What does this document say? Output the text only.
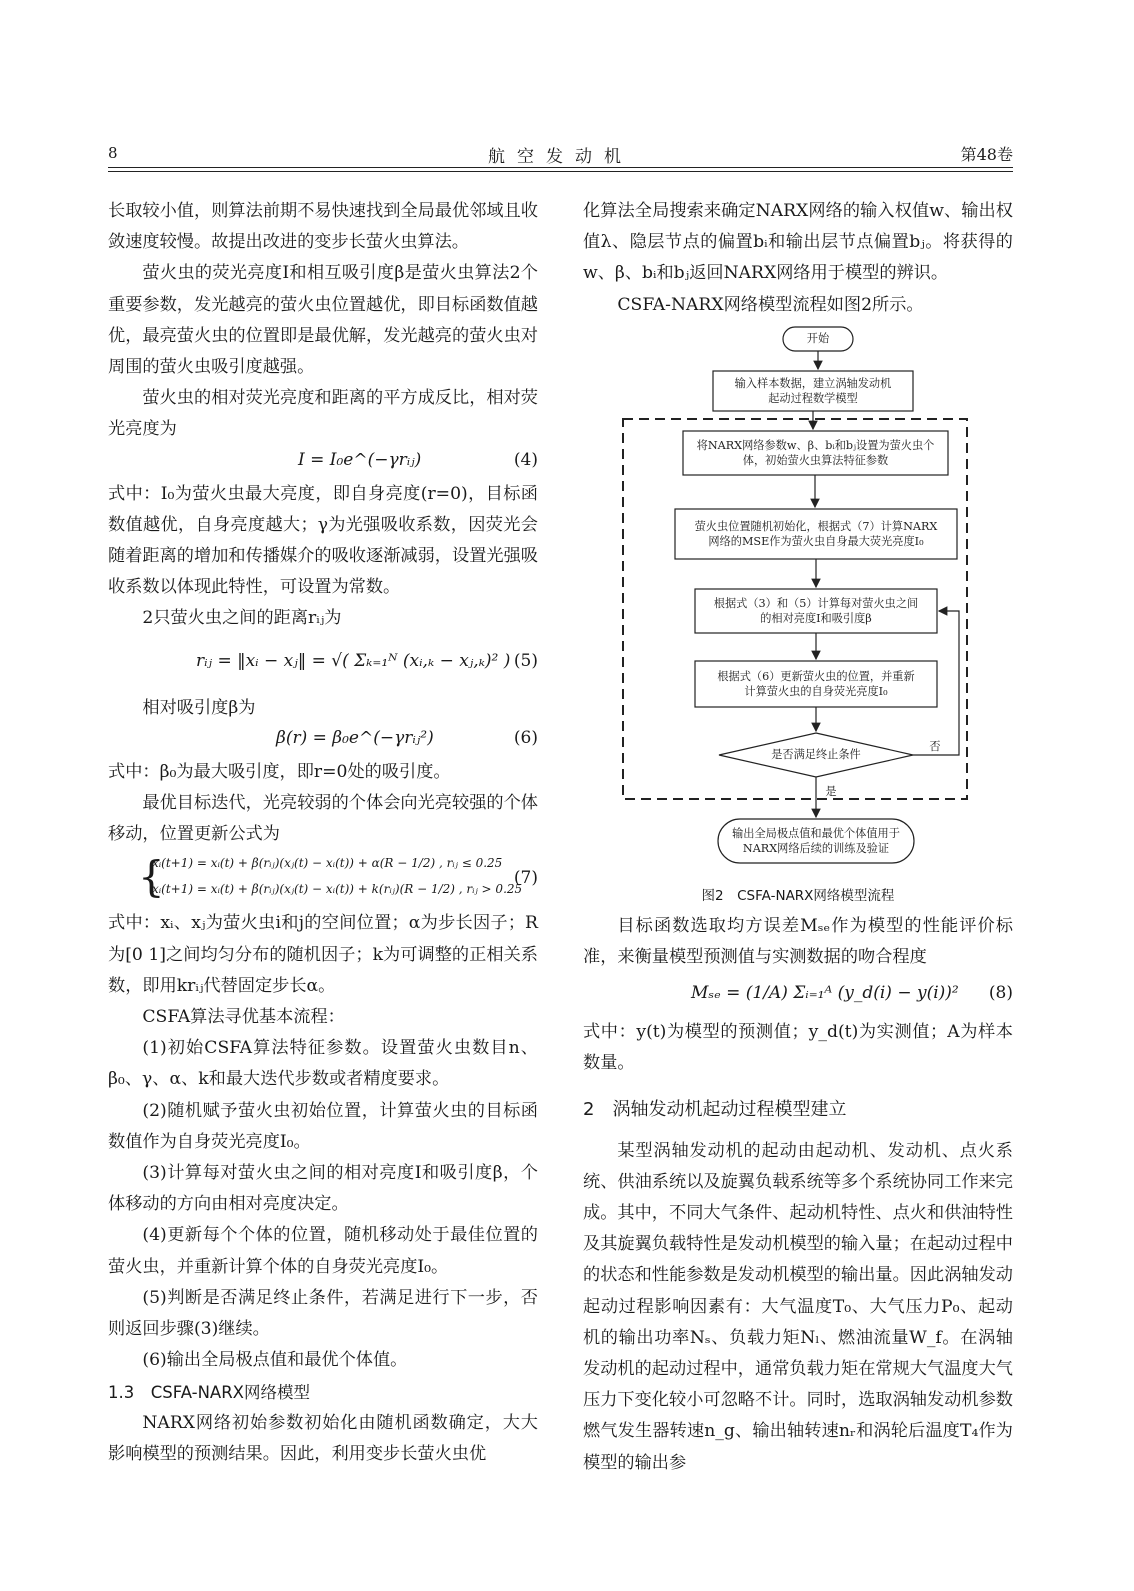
8	航空发动机	第48卷

长取较小值，则算法前期不易快速找到全局最优邻域且收敛速度较慢。故提出改进的变步长萤火虫算法。

萤火虫的荧光亮度I和相互吸引度β是萤火虫算法2个重要参数，发光越亮的萤火虫位置越优，即目标函数值越优，最亮萤火虫的位置即是最优解，发光越亮的萤火虫对周围的萤火虫吸引度越强。

萤火虫的相对荧光亮度和距离的平方成反比，相对荧光亮度为

I = I₀e^(−γrᵢⱼ)	(4)

式中：I₀为萤火虫最大亮度，即自身亮度(r=0)，目标函数值越优，自身亮度越大；γ为光强吸收系数，因荧光会随着距离的增加和传播媒介的吸收逐渐减弱，设置光强吸收系数以体现此特性，可设置为常数。

2只萤火虫之间的距离rᵢⱼ为

rᵢⱼ = ‖xᵢ − xⱼ‖ = √( Σₖ₌₁ᴺ (xᵢ,ₖ − xⱼ,ₖ)² ) (5)

相对吸引度β为

β(r) = β₀e^(−γrᵢⱼ²)	(6)

式中：β₀为最大吸引度，即r=0处的吸引度。

最优目标迭代，光亮较弱的个体会向光亮较强的个体移动，位置更新公式为

{
xᵢ(t+1) = xᵢ(t) + β(rᵢⱼ)(xⱼ(t) − xᵢ(t)) + α(R − 1/2) , rᵢⱼ ≤ 0.25
xᵢ(t+1) = xᵢ(t) + β(rᵢⱼ)(xⱼ(t) − xᵢ(t)) + k(rᵢⱼ)(R − 1/2) , rᵢⱼ > 0.25
(7)

式中：xᵢ、xⱼ为萤火虫i和j的空间位置；α为步长因子；R为[0 1]之间均匀分布的随机因子；k为可调整的正相关系数，即用krᵢⱼ代替固定步长α。

CSFA算法寻优基本流程：

(1)初始CSFA算法特征参数。设置萤火虫数目n、β₀、γ、α、k和最大迭代步数或者精度要求。

(2)随机赋予萤火虫初始位置，计算萤火虫的目标函数值作为自身荧光亮度I₀。

(3)计算每对萤火虫之间的相对亮度I和吸引度β，个体移动的方向由相对亮度决定。

(4)更新每个个体的位置，随机移动处于最佳位置的萤火虫，并重新计算个体的自身荧光亮度I₀。

(5)判断是否满足终止条件，若满足进行下一步，否则返回步骤(3)继续。

(6)输出全局极点值和最优个体值。

1.3　CSFA-NARX网络模型

NARX网络初始参数初始化由随机函数确定，大大影响模型的预测结果。因此，利用变步长萤火虫优

化算法全局搜索来确定NARX网络的输入权值w、输出权值λ、隐层节点的偏置bᵢ和输出层节点偏置bⱼ。将获得的w、β、bᵢ和bⱼ返回NARX网络用于模型的辨识。

CSFA-NARX网络模型流程如图2所示。

开始
输入样本数据，建立涡轴发动机
起动过程数学模型
将NARX网络参数w、β、bᵢ和bⱼ设置为萤火虫个
体，初始萤火虫算法特征参数
萤火虫位置随机初始化，根据式（7）计算NARX
网络的MSE作为萤火虫自身最大荧光亮度I₀
根据式（3）和（5）计算每对萤火虫之间
的相对亮度I和吸引度β
根据式（6）更新萤火虫的位置，并重新
计算萤火虫的自身荧光亮度I₀
是否满足终止条件
否
是
输出全局极点值和最优个体值用于
NARX网络后续的训练及验证
图2　CSFA-NARX网络模型流程

目标函数选取均方误差Mₛₑ作为模型的性能评价标准，来衡量模型预测值与实测数据的吻合程度

Mₛₑ = (1/A) Σᵢ₌₁ᴬ (y_d(i) − y(i))² (8)

式中：y(t)为模型的预测值；y_d(t)为实测值；A为样本数量。

2　涡轴发动机起动过程模型建立

某型涡轴发动机的起动由起动机、发动机、点火系统、供油系统以及旋翼负载系统等多个系统协同工作来完成。其中，不同大气条件、起动机特性、点火和供油特性及其旋翼负载特性是发动机模型的输入量；在起动过程中的状态和性能参数是发动机模型的输出量。因此涡轴发动起动过程影响因素有：大气温度T₀、大气压力P₀、起动机的输出功率Nₛ、负载力矩Nₗ、燃油流量W_f。在涡轴发动机的起动过程中，通常负载力矩在常规大气温度大气压力下变化较小可忽略不计。同时，选取涡轴发动机参数燃气发生器转速n_g、输出轴转速nᵣ和涡轮后温度T₄作为模型的输出参
